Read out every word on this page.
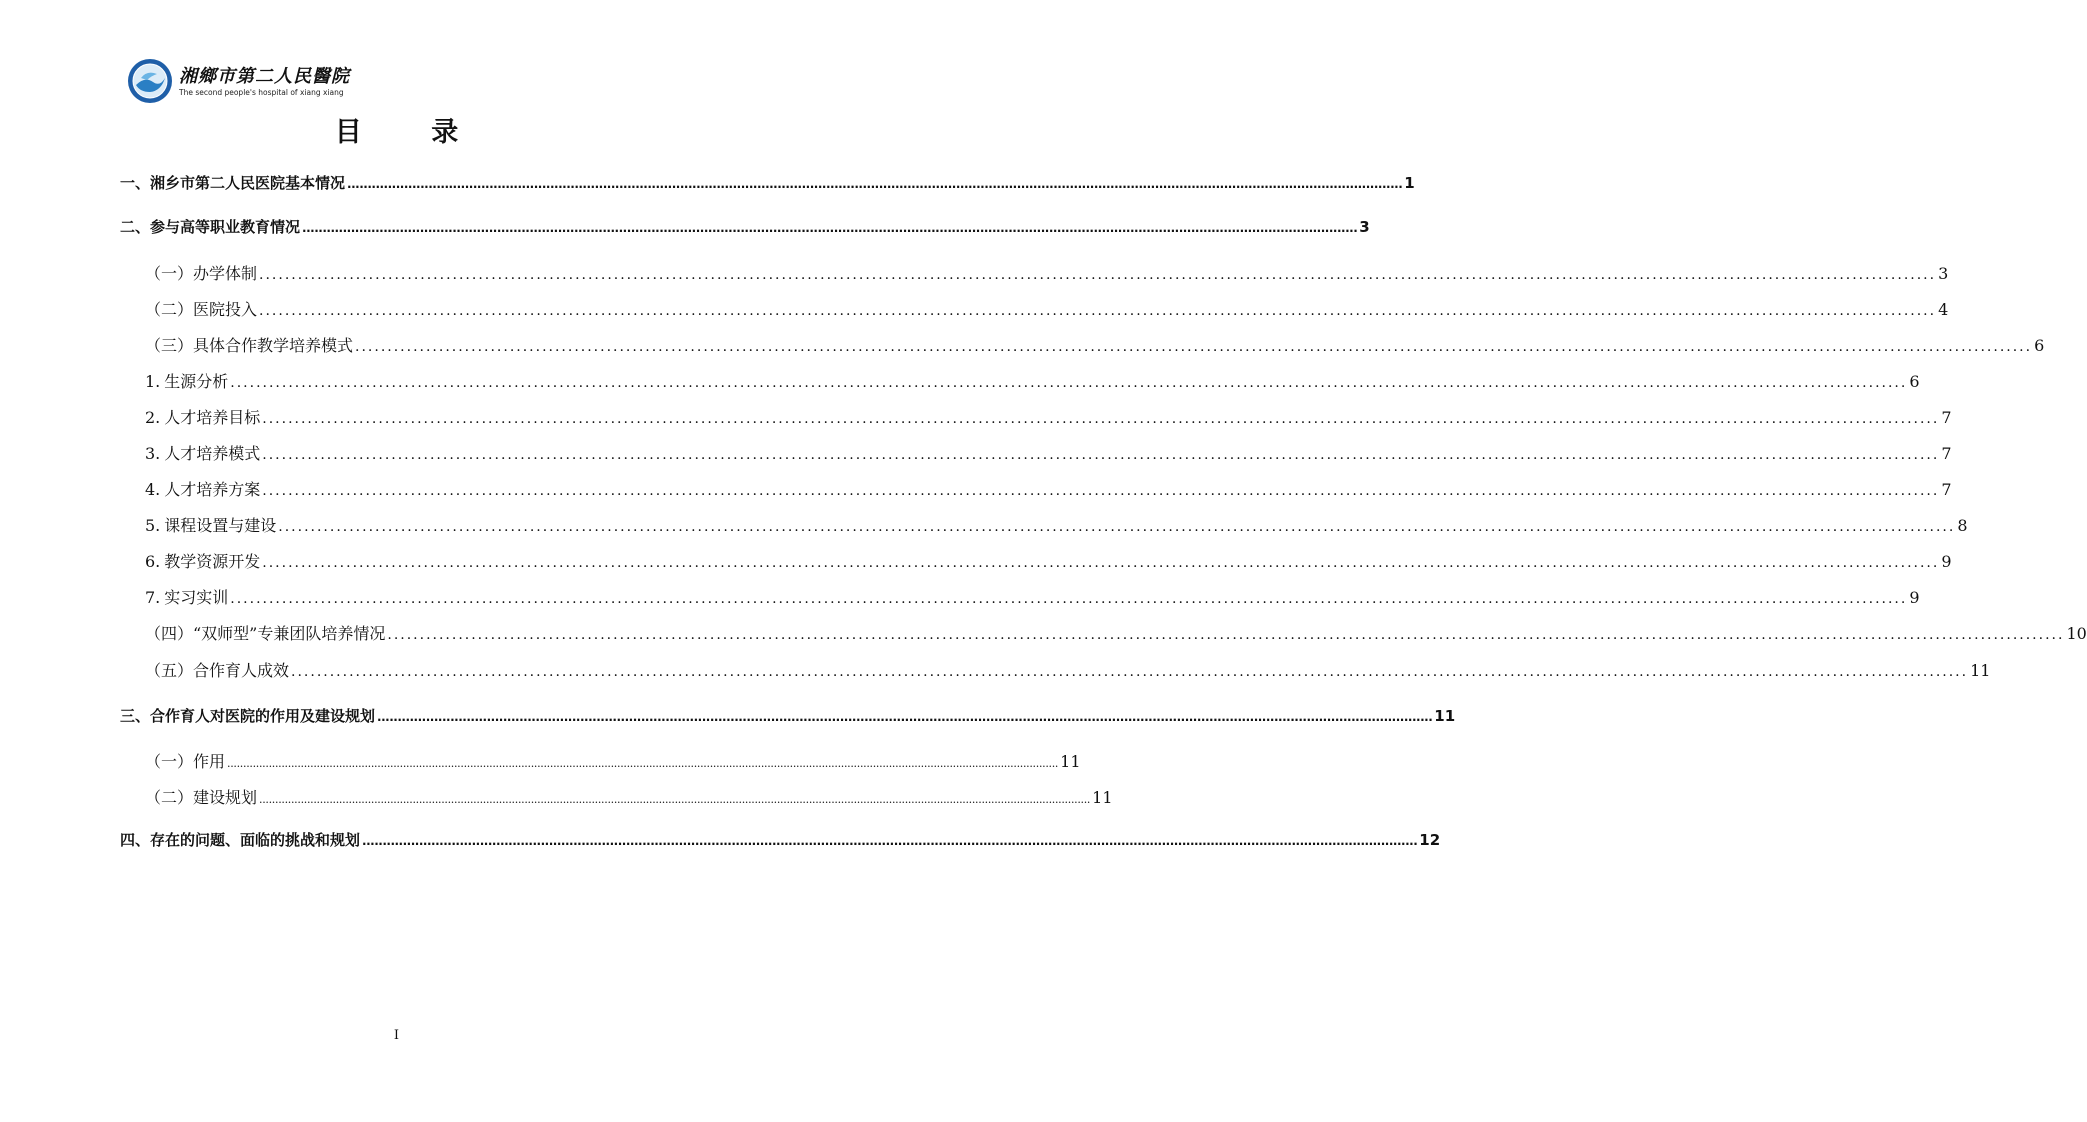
湘鄉市第二人民醫院
The second people's hospital of xiang xiang
目 录
一、 湘乡市第二人民医院基本情况 .................................................................................................................................................................................................................................................................... 1
二、 参与高等职业教育情况 .................................................................................................................................................................................................................................................................... 3
（一）办学体制 .................................................................................................................................................................................................................................................................... 3
（二）医院投入 .................................................................................................................................................................................................................................................................... 4
（三）具体合作教学培养模式 .................................................................................................................................................................................................................................................................... 6
1. 生源分析 .................................................................................................................................................................................................................................................................... 6
2. 人才培养目标 .................................................................................................................................................................................................................................................................... 7
3. 人才培养模式 .................................................................................................................................................................................................................................................................... 7
4. 人才培养方案 .................................................................................................................................................................................................................................................................... 7
5. 课程设置与建设 .................................................................................................................................................................................................................................................................... 8
6. 教学资源开发 .................................................................................................................................................................................................................................................................... 9
7. 实习实训 .................................................................................................................................................................................................................................................................... 9
（四）“双师型”专兼团队培养情况 .................................................................................................................................................................................................................................................................... 10
（五）合作育人成效 .................................................................................................................................................................................................................................................................... 11
三、 合作育人对医院的作用及建设规划 .................................................................................................................................................................................................................................................................... 11
（一）作用 .................................................................................................................................................................................................................................................................... 11
（二）建设规划 .................................................................................................................................................................................................................................................................... 11
四、 存在的问题、面临的挑战和规划 .................................................................................................................................................................................................................................................................... 12
I
